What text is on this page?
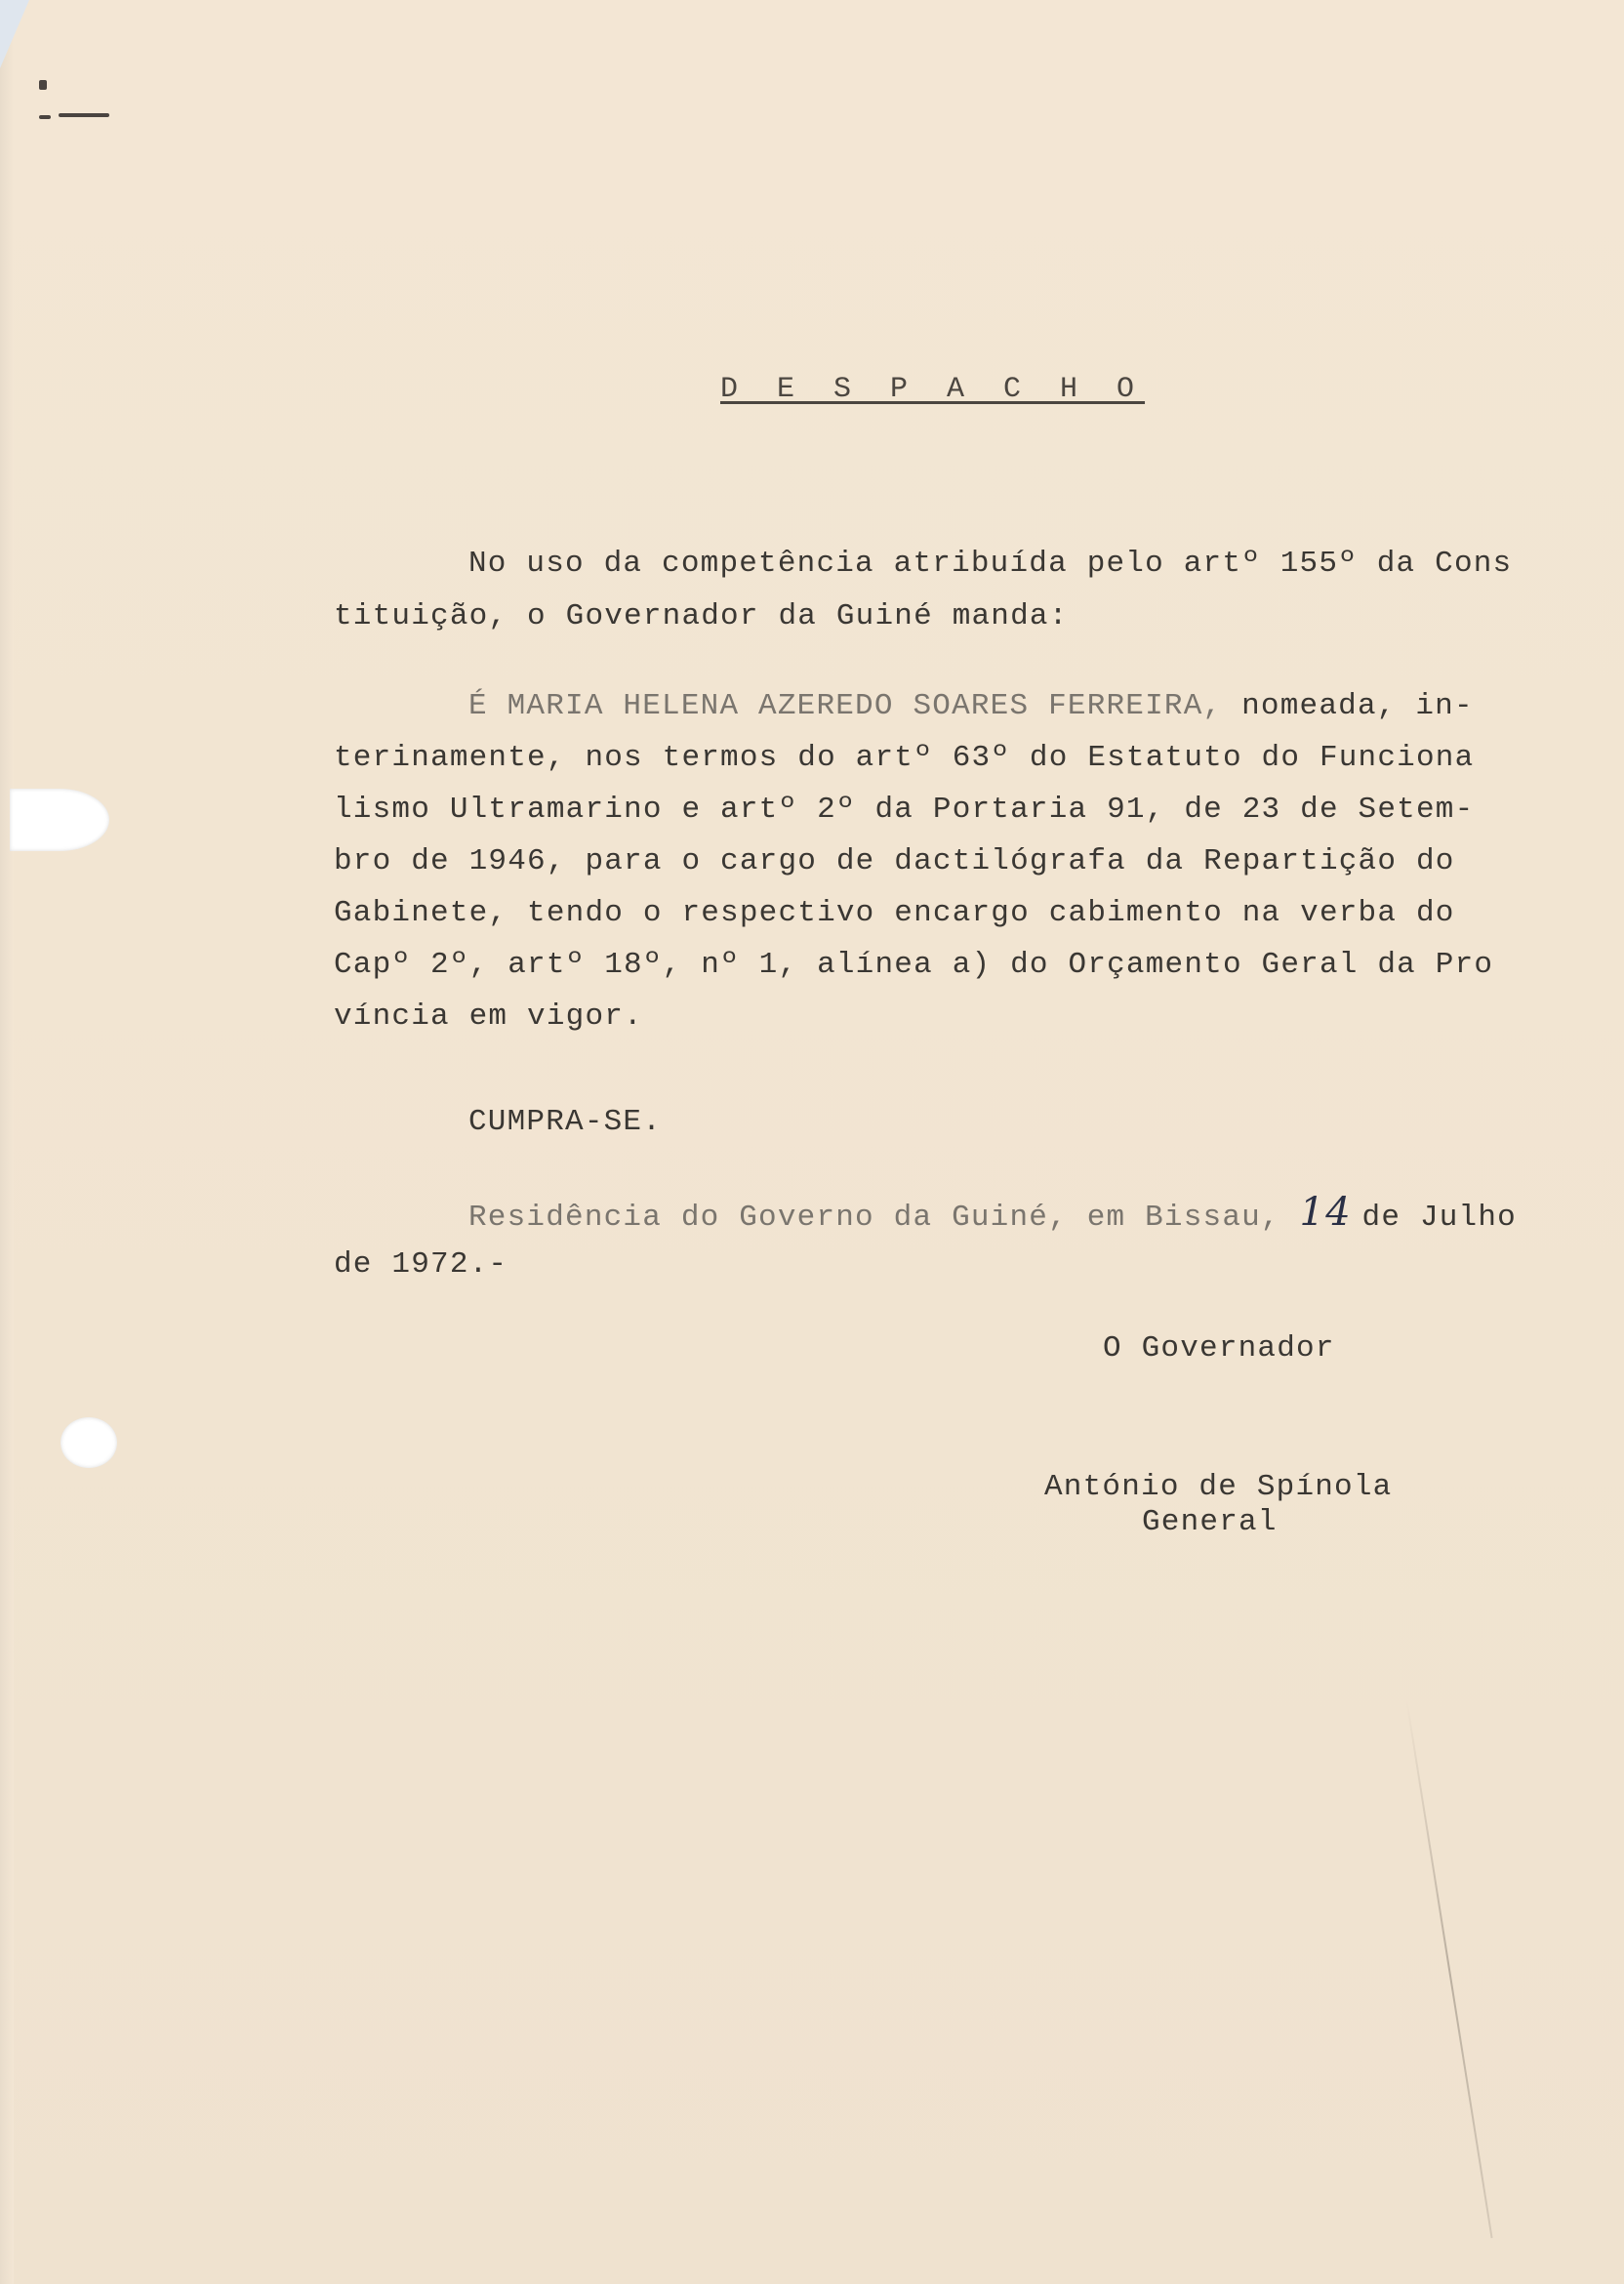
D E S P A C H O
No uso da competência atribuída pelo artº 155º da Cons
tituição, o Governador da Guiné manda:
É MARIA HELENA AZEREDO SOARES FERREIRA, nomeada, in-
terinamente, nos termos do artº 63º do Estatuto do Funciona
lismo Ultramarino e artº 2º da Portaria 91, de 23 de Setem-
bro de 1946, para o cargo de dactilógrafa da Repartição do
Gabinete, tendo o respectivo encargo cabimento na verba do
Capº 2º, artº 18º, nº 1, alínea a) do Orçamento Geral da Pro
víncia em vigor.
CUMPRA-SE.
Residência do Governo da Guiné, em Bissau, 14 de Julho
de 1972.-
O Governador
António de Spínola
General
